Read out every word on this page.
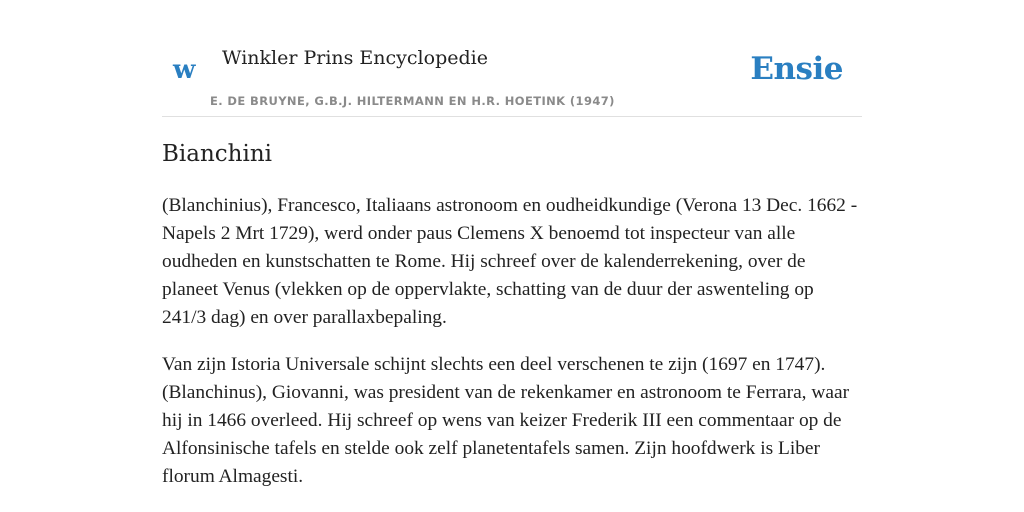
w Winkler Prins Encyclopedie
E. DE BRUYNE, G.B.J. HILTERMANN EN H.R. HOETINK (1947)
Ensie
Bianchini

(Blanchinius), Francesco, Italiaans astronoom en oudheidkundige (Verona 13 Dec. 1662 - Napels 2 Mrt 1729), werd onder paus Clemens X benoemd tot inspecteur van alle oudheden en kunstschatten te Rome. Hij schreef over de kalenderrekening, over de planeet Venus (vlekken op de oppervlakte, schatting van de duur der aswenteling op 241/3 dag) en over parallaxbepaling.

Van zijn Istoria Universale schijnt slechts een deel verschenen te zijn (1697 en 1747).(Blanchinus), Giovanni, was president van de rekenkamer en astronoom te Ferrara, waar hij in 1466 overleed. Hij schreef op wens van keizer Frederik III een commentaar op de Alfonsinische tafels en stelde ook zelf planetentafels samen. Zijn hoofdwerk is Liber florum Almagesti.
